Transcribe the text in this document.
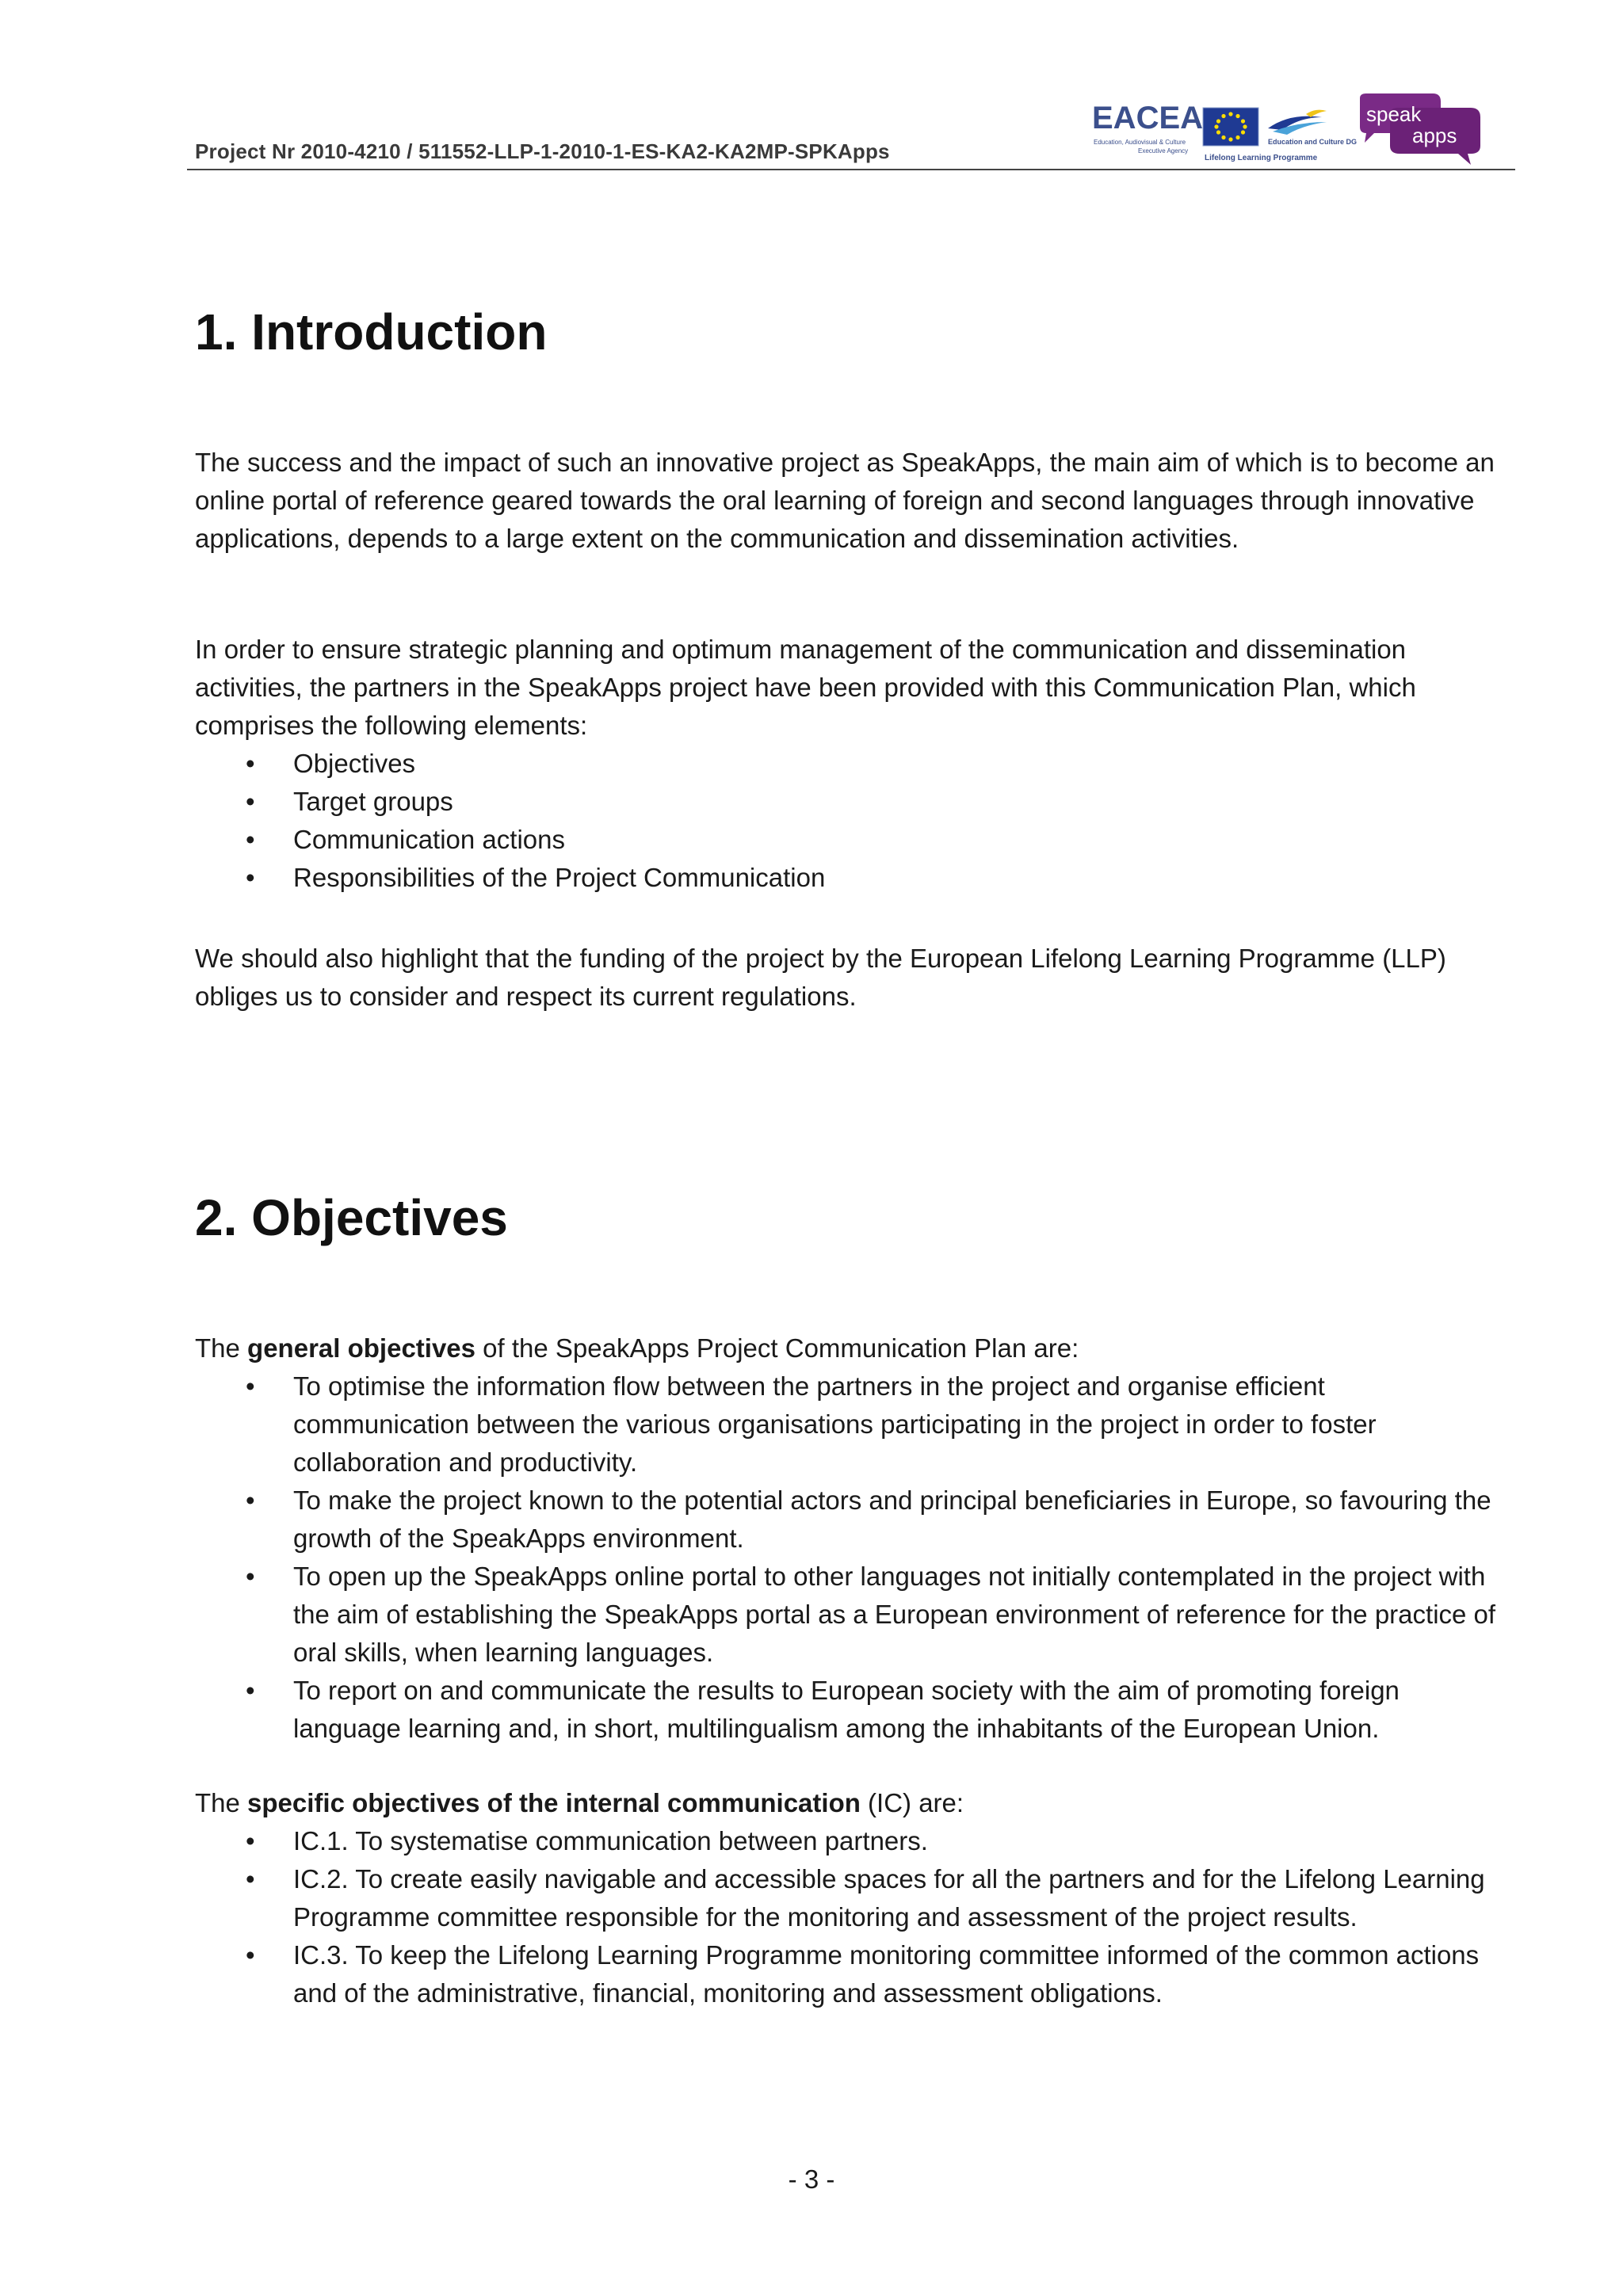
Project Nr 2010-4210 / 511552-LLP-1-2010-1-ES-KA2-KA2MP-SPKApps
EACEA
Education, Audiovisual & Culture
Executive Agency
Education and Culture DG
Lifelong Learning Programme
speak
apps
1. Introduction

The success and the impact of such an innovative project as SpeakApps, the main aim of which is to become an online portal of reference geared towards the oral learning of foreign and second languages through innovative applications, depends to a large extent on the communication and dissemination activities.

In order to ensure strategic planning and optimum management of the communication and dissemination activities, the partners in the SpeakApps project have been provided with this Communication Plan, which comprises the following elements:

• Objectives
• Target groups
• Communication actions
• Responsibilities of the Project Communication

We should also highlight that the funding of the project by the European Lifelong Learning Programme (LLP) obliges us to consider and respect its current regulations.

2. Objectives

The general objectives of the SpeakApps Project Communication Plan are:

• To optimise the information flow between the partners in the project and organise efficient communication between the various organisations participating in the project in order to foster collaboration and productivity.
• To make the project known to the potential actors and principal beneficiaries in Europe, so favouring the growth of the SpeakApps environment.
• To open up the SpeakApps online portal to other languages not initially contemplated in the project with the aim of establishing the SpeakApps portal as a European environment of reference for the practice of oral skills, when learning languages.
• To report on and communicate the results to European society with the aim of promoting foreign language learning and, in short, multilingualism among the inhabitants of the European Union.

The specific objectives of the internal communication (IC) are:

• IC.1. To systematise communication between partners.
• IC.2. To create easily navigable and accessible spaces for all the partners and for the Lifelong Learning Programme committee responsible for the monitoring and assessment of the project results.
• IC.3. To keep the Lifelong Learning Programme monitoring committee informed of the common actions and of the administrative, financial, monitoring and assessment obligations.
- 3 -
